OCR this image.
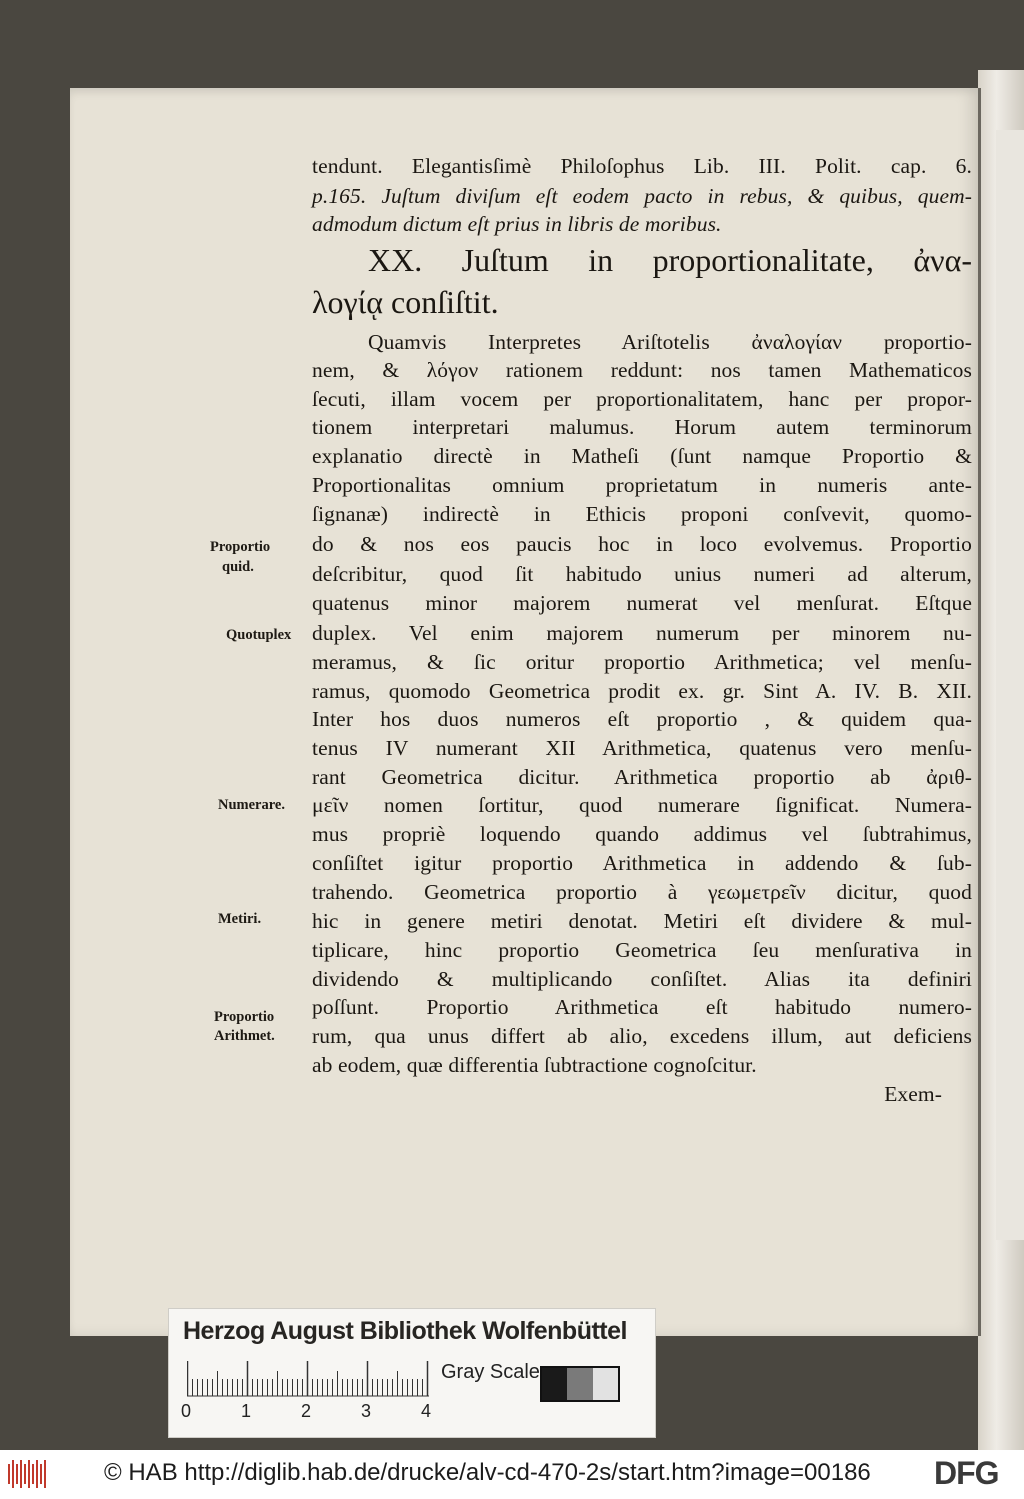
tendunt. Elegantisſimè Philoſophus Lib. III. Polit. cap. 6.
p.165. Juſtum diviſum eſt eodem pacto in rebus, & quibus, quem-
admodum dictum eſt prius in libris de moribus.
XX. Juſtum in proportionalitate, ἀνα-
λογίᾳ conſiſtit.
Quamvis Interpretes Ariſtotelis ἀναλογίαν proportio-
nem, & λόγον rationem reddunt: nos tamen Mathematicos
ſecuti, illam vocem per proportionalitatem, hanc per propor-
tionem interpretari malumus. Horum autem terminorum
explanatio directè in Matheſi (ſunt namque Proportio &
Proportionalitas omnium proprietatum in numeris ante-
ſignanæ) indirectè in Ethicis proponi conſvevit, quomo-
do & nos eos paucis hoc in loco evolvemus. Proportio
deſcribitur, quod ſit habitudo unius numeri ad alterum,
quatenus minor majorem numerat vel menſurat. Eſtque
duplex. Vel enim majorem numerum per minorem nu-
meramus, & ſic oritur proportio Arithmetica; vel menſu-
ramus, quomodo Geometrica prodit ex. gr. Sint A. IV. B. XII.
Inter hos duos numeros eſt proportio , & quidem qua-
tenus IV numerant XII Arithmetica, quatenus vero menſu-
rant Geometrica dicitur. Arithmetica proportio ab ἀριθ-
μεῖν nomen ſortitur, quod numerare ſignificat. Numera-
mus propriè loquendo quando addimus vel ſubtrahimus,
conſiſtet igitur proportio Arithmetica in addendo & ſub-
trahendo. Geometrica proportio à γεωμετρεῖν dicitur, quod
hic in genere metiri denotat. Metiri eſt dividere & mul-
tiplicare, hinc proportio Geometrica ſeu menſurativa in
dividendo & multiplicando conſiſtet. Alias ita definiri
poſſunt. Proportio Arithmetica eſt habitudo numero-
rum, qua unus differt ab alio, excedens illum, aut deficiens
ab eodem, quæ differentia ſubtractione cognoſcitur.
Exem-
Proportio
quid.
Quotuplex
Numerare.
Metiri.
Proportio
Arithmet.
Herzog August Bibliothek Wolfenbüttel
0	1	2	3	4
Gray Scale
© HAB http://diglib.hab.de/drucke/alv-cd-470-2s/start.htm?image=00186 DFG
